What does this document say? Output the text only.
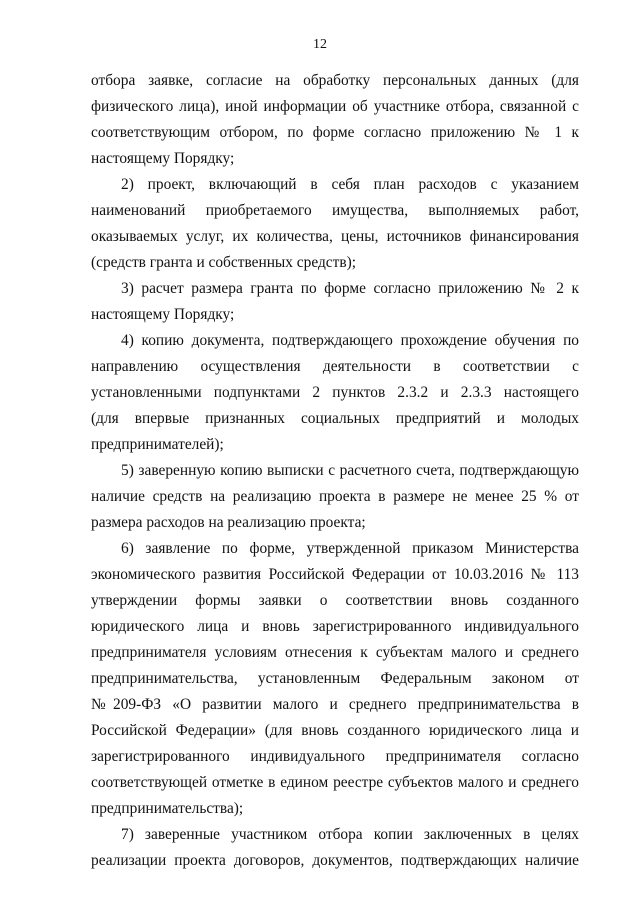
12
отбора заявке, согласие на обработку персональных данных (для
физического лица), иной информации об участнике отбора, связанной с
соответствующим отбором, по форме согласно приложению № 1 к
настоящему Порядку;
2) проект, включающий в себя план расходов с указанием
наименований приобретаемого имущества, выполняемых работ,
оказываемых услуг, их количества, цены, источников финансирования
(средств гранта и собственных средств);
3) расчет размера гранта по форме согласно приложению № 2 к
настоящему Порядку;
4) копию документа, подтверждающего прохождение обучения по
направлению осуществления деятельности в соответствии с
установленными подпунктами 2 пунктов 2.3.2 и 2.3.3 настоящего
(для впервые признанных социальных предприятий и молодых
предпринимателей);
5) заверенную копию выписки с расчетного счета, подтверждающую
наличие средств на реализацию проекта в размере не менее 25 % от
размера расходов на реализацию проекта;
6) заявление по форме, утвержденной приказом Министерства
экономического развития Российской Федерации от 10.03.2016 № 113
утверждении формы заявки о соответствии вновь созданного
юридического лица и вновь зарегистрированного индивидуального
предпринимателя условиям отнесения к субъектам малого и среднего
предпринимательства, установленным Федеральным законом от
№209-ФЗ «О развитии малого и среднего предпринимательства в
Российской Федерации» (для вновь созданного юридического лица и
зарегистрированного индивидуального предпринимателя согласно
соответствующей отметке в едином реестре субъектов малого и среднего
предпринимательства);
7) заверенные участником отбора копии заключенных в целях
реализации проекта договоров, документов, подтверждающих наличие
